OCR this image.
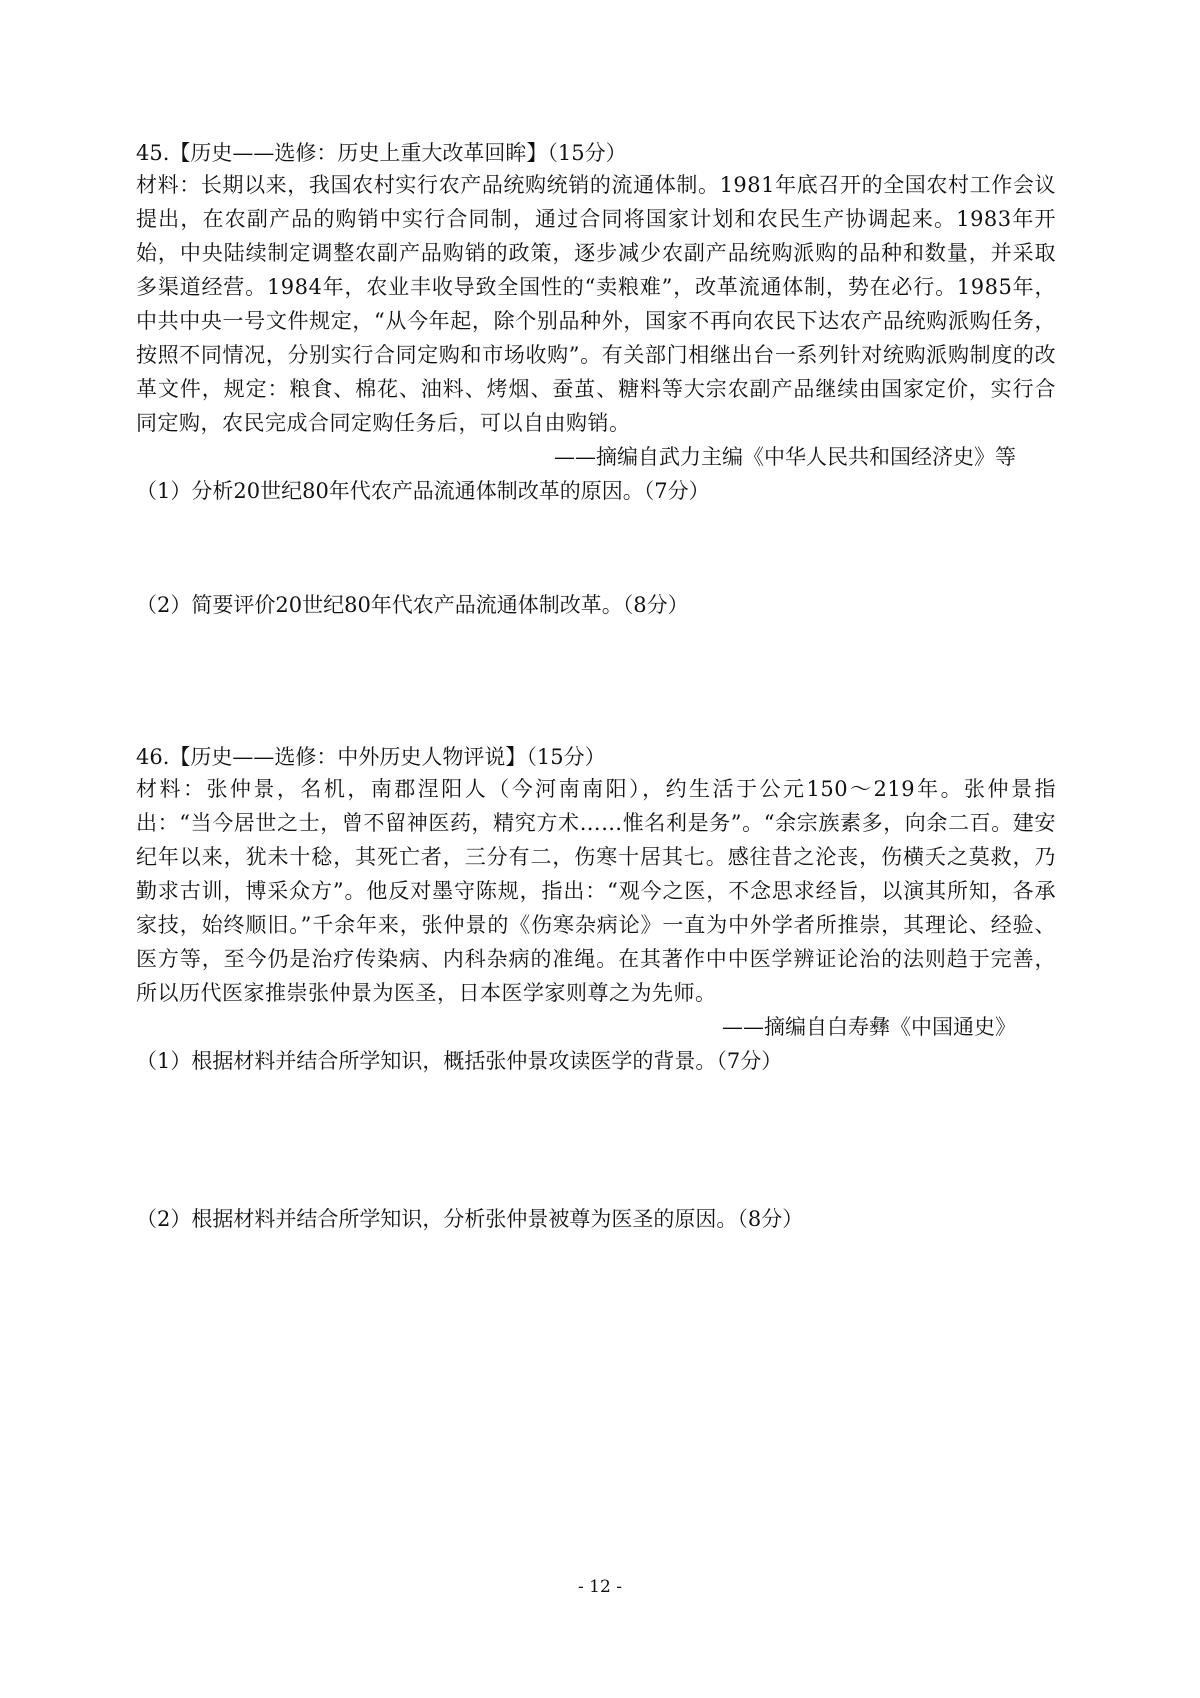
45.【历史——选修：历史上重大改革回眸】（15分）
材料：长期以来，我国农村实行农产品统购统销的流通体制。1981年底召开的全国农村工作会议提出，在农副产品的购销中实行合同制，通过合同将国家计划和农民生产协调起来。1983年开始，中央陆续制定调整农副产品购销的政策，逐步减少农副产品统购派购的品种和数量，并采取多渠道经营。1984年，农业丰收导致全国性的“卖粮难”，改革流通体制，势在必行。1985年，中共中央一号文件规定，“从今年起，除个别品种外，国家不再向农民下达农产品统购派购任务，按照不同情况，分别实行合同定购和市场收购”。有关部门相继出台一系列针对统购派购制度的改革文件，规定：粮食、棉花、油料、烤烟、蚕茧、糖料等大宗农副产品继续由国家定价，实行合同定购，农民完成合同定购任务后，可以自由购销。
——摘编自武力主编《中华人民共和国经济史》等
（1）分析20世纪80年代农产品流通体制改革的原因。（7分）
（2）简要评价20世纪80年代农产品流通体制改革。（8分）
46.【历史——选修：中外历史人物评说】（15分）
材料：张仲景，名机，南郡涅阳人（今河南南阳），约生活于公元150～219年。张仲景指出：“当今居世之士，曾不留神医药，精究方术……惟名利是务”。“余宗族素多，向余二百。建安纪年以来，犹未十稔，其死亡者，三分有二，伤寒十居其七。感往昔之沦丧，伤横夭之莫救，乃勤求古训，博采众方”。他反对墨守陈规，指出：“观今之医，不念思求经旨，以演其所知，各承家技，始终顺旧。”千余年来，张仲景的《伤寒杂病论》一直为中外学者所推崇，其理论、经验、医方等，至今仍是治疗传染病、内科杂病的准绳。在其著作中中医学辨证论治的法则趋于完善，所以历代医家推崇张仲景为医圣，日本医学家则尊之为先师。
——摘编自白寿彝《中国通史》
（1）根据材料并结合所学知识，概括张仲景攻读医学的背景。（7分）
（2）根据材料并结合所学知识，分析张仲景被尊为医圣的原因。（8分）
- 12 -
